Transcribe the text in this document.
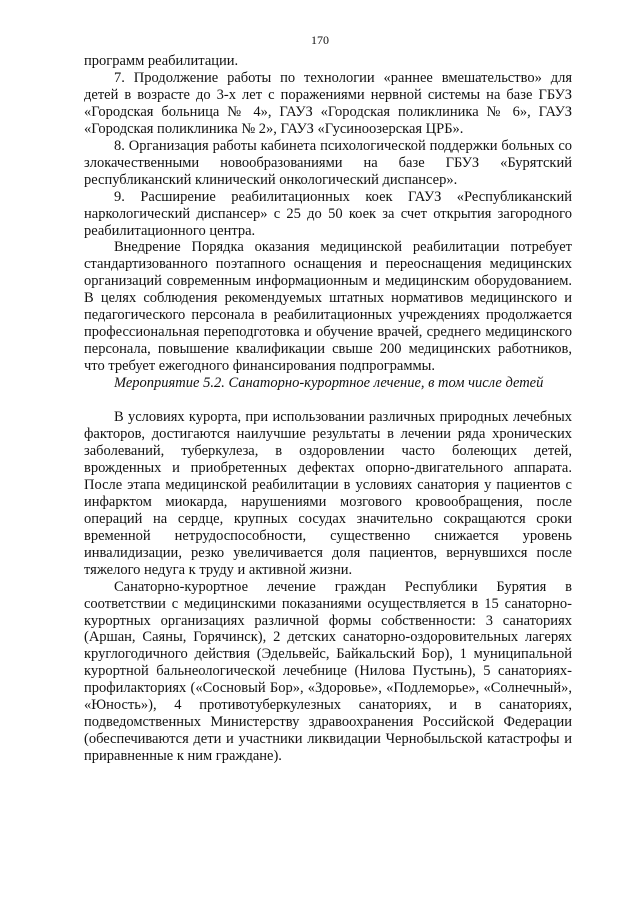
170

программ реабилитации.

7. Продолжение работы по технологии «раннее вмешательство» для детей в возрасте до 3-х лет с поражениями нервной системы на базе ГБУЗ «Городская больница № 4», ГАУЗ «Городская поликлиника № 6», ГАУЗ «Городская поликлиника № 2», ГАУЗ «Гусиноозерская ЦРБ».

8. Организация работы кабинета психологической поддержки больных со злокачественными новообразованиями на базе ГБУЗ «Бурятский республиканский клинический онкологический диспансер».

9. Расширение реабилитационных коек ГАУЗ «Республиканский наркологический диспансер» с 25 до 50 коек за счет открытия загородного реабилитационного центра.

Внедрение Порядка оказания медицинской реабилитации потребует стандартизованного поэтапного оснащения и переоснащения медицинских организаций современным информационным и медицинским оборудованием. В целях соблюдения рекомендуемых штатных нормативов медицинского и педагогического персонала в реабилитационных учреждениях продолжается профессиональная переподготовка и обучение врачей, среднего медицинского персонала, повышение квалификации свыше 200 медицинских работников, что требует ежегодного финансирования подпрограммы.

Мероприятие 5.2. Санаторно-курортное лечение, в том числе детей

В условиях курорта, при использовании различных природных лечебных факторов, достигаются наилучшие результаты в лечении ряда хронических заболеваний, туберкулеза, в оздоровлении часто болеющих детей, врожденных и приобретенных дефектах опорно-двигательного аппарата. После этапа медицинской реабилитации в условиях санатория у пациентов с инфарктом миокарда, нарушениями мозгового кровообращения, после операций на сердце, крупных сосудах значительно сокращаются сроки временной нетрудоспособности, существенно снижается уровень инвалидизации, резко увеличивается доля пациентов, вернувшихся после тяжелого недуга к труду и активной жизни.

Санаторно-курортное лечение граждан Республики Бурятия в соответствии с медицинскими показаниями осуществляется в 15 санаторно-курортных организациях различной формы собственности: 3 санаториях (Аршан, Саяны, Горячинск), 2 детских санаторно-оздоровительных лагерях круглогодичного действия (Эдельвейс, Байкальский Бор), 1 муниципальной курортной бальнеологической лечебнице (Нилова Пустынь), 5 санаториях-профилакториях («Сосновый Бор», «Здоровье», «Подлеморье», «Солнечный», «Юность»), 4 противотуберкулезных санаториях, и в санаториях, подведомственных Министерству здравоохранения Российской Федерации (обеспечиваются дети и участники ликвидации Чернобыльской катастрофы и приравненные к ним граждане).
